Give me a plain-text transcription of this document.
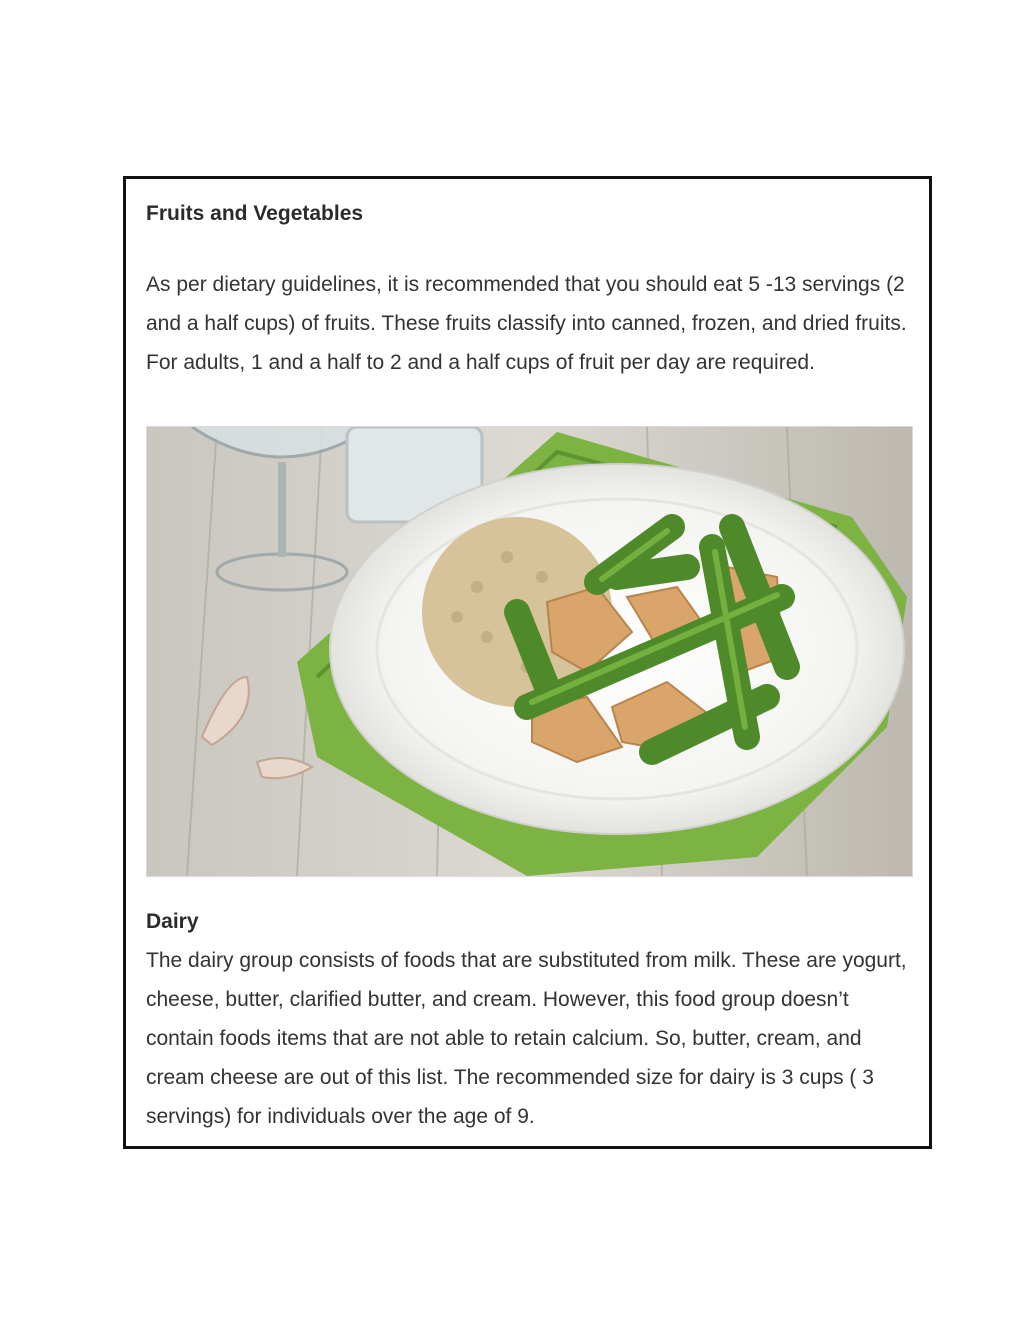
Fruits and Vegetables

As per dietary guidelines, it is recommended that you should eat 5 -13 servings (2 and a half cups) of fruits. These fruits classify into canned, frozen, and dried fruits. For adults, 1 and a half to 2 and a half cups of fruit per day are required.

Dairy

The dairy group consists of foods that are substituted from milk. These are yogurt, cheese, butter, clarified butter, and cream. However, this food group doesn’t contain foods items that are not able to retain calcium. So, butter, cream, and cream cheese are out of this list. The recommended size for dairy is 3 cups ( 3 servings) for individuals over the age of 9.
